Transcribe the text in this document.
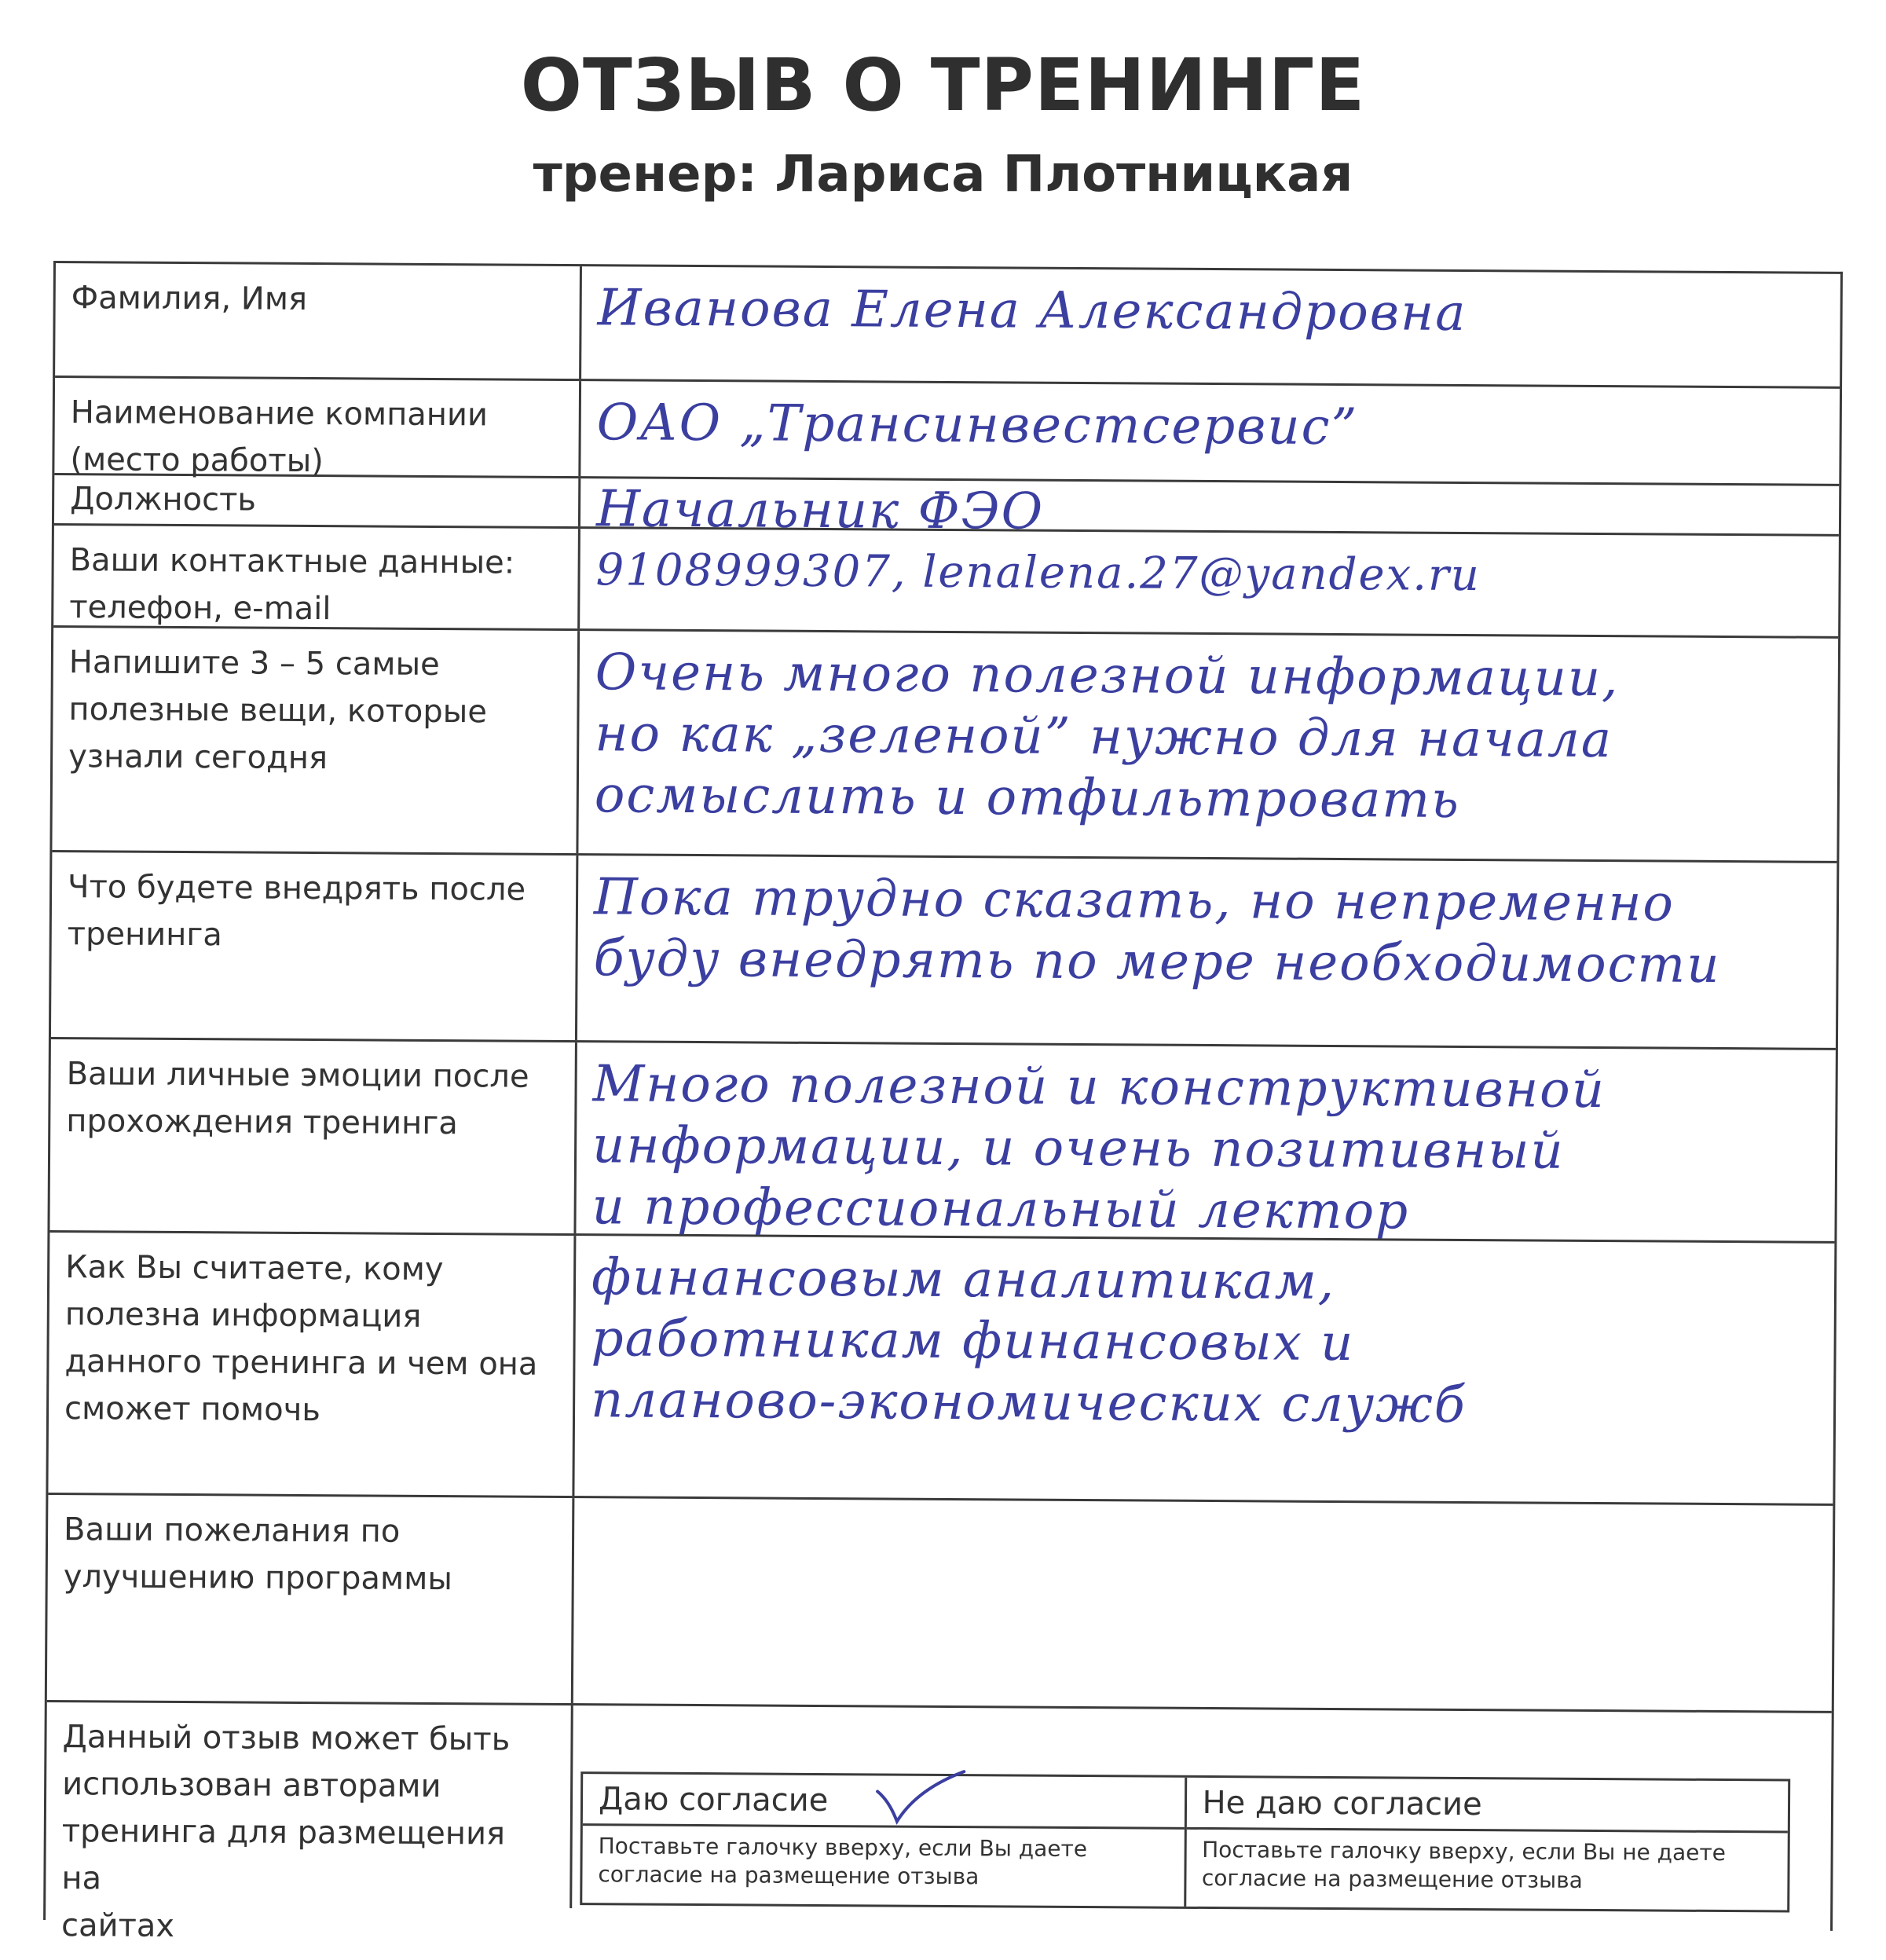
ОТЗЫВ О ТРЕНИНГЕ
тренер: Лариса Плотницкая
Фамилия, Имя	Иванова Елена Александровна
Наименование компании
(место работы)
ОАО „Трансинвестсервис”
Должность	Начальник ФЭО
Ваши контактные данные:
телефон, e-mail
9108999307, lenalena.27@yandex.ru
Напишите 3 – 5 самые
полезные вещи, которые
узнали сегодня
Очень много полезной информации,
но как „зеленой” нужно для начала
осмыслить и отфильтровать
Что будете внедрять после
тренинга
Пока трудно сказать, но непременно
буду внедрять по мере необходимости
Ваши личные эмоции после
прохождения тренинга
Много полезной и конструктивной
информации, и очень позитивный
и профессиональный лектор
Как Вы считаете, кому
полезна информация
данного тренинга и чем она
сможет помочь
финансовым аналитикам,
работникам финансовых и
планово-экономических служб
Ваши пожелания по
улучшению программы
Данный отзыв может быть
использован авторами
тренинга для размещения на
сайтах
Даю согласие
Поставьте галочку вверху, если Вы даете согласие на размещение отзыва
Не даю согласие
Поставьте галочку вверху, если Вы не даете согласие на размещение отзыва
